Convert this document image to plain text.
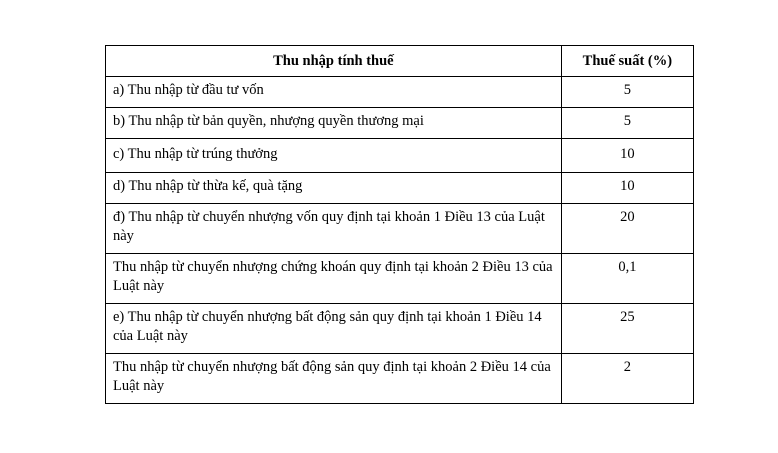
Thu nhập tính thuế	Thuế suất (%)
a) Thu nhập từ đầu tư vốn	5
b) Thu nhập từ bản quyền, nhượng quyền thương mại	5
c) Thu nhập từ trúng thưởng	10
d) Thu nhập từ thừa kế, quà tặng	10
đ) Thu nhập từ chuyển nhượng vốn quy định tại khoản 1 Điều 13 của Luật này	20
Thu nhập từ chuyển nhượng chứng khoán quy định tại khoản 2 Điều 13 của Luật này	0,1
e) Thu nhập từ chuyển nhượng bất động sản quy định tại khoản 1 Điều 14 của Luật này	25
Thu nhập từ chuyển nhượng bất động sản quy định tại khoản 2 Điều 14 của Luật này	2
